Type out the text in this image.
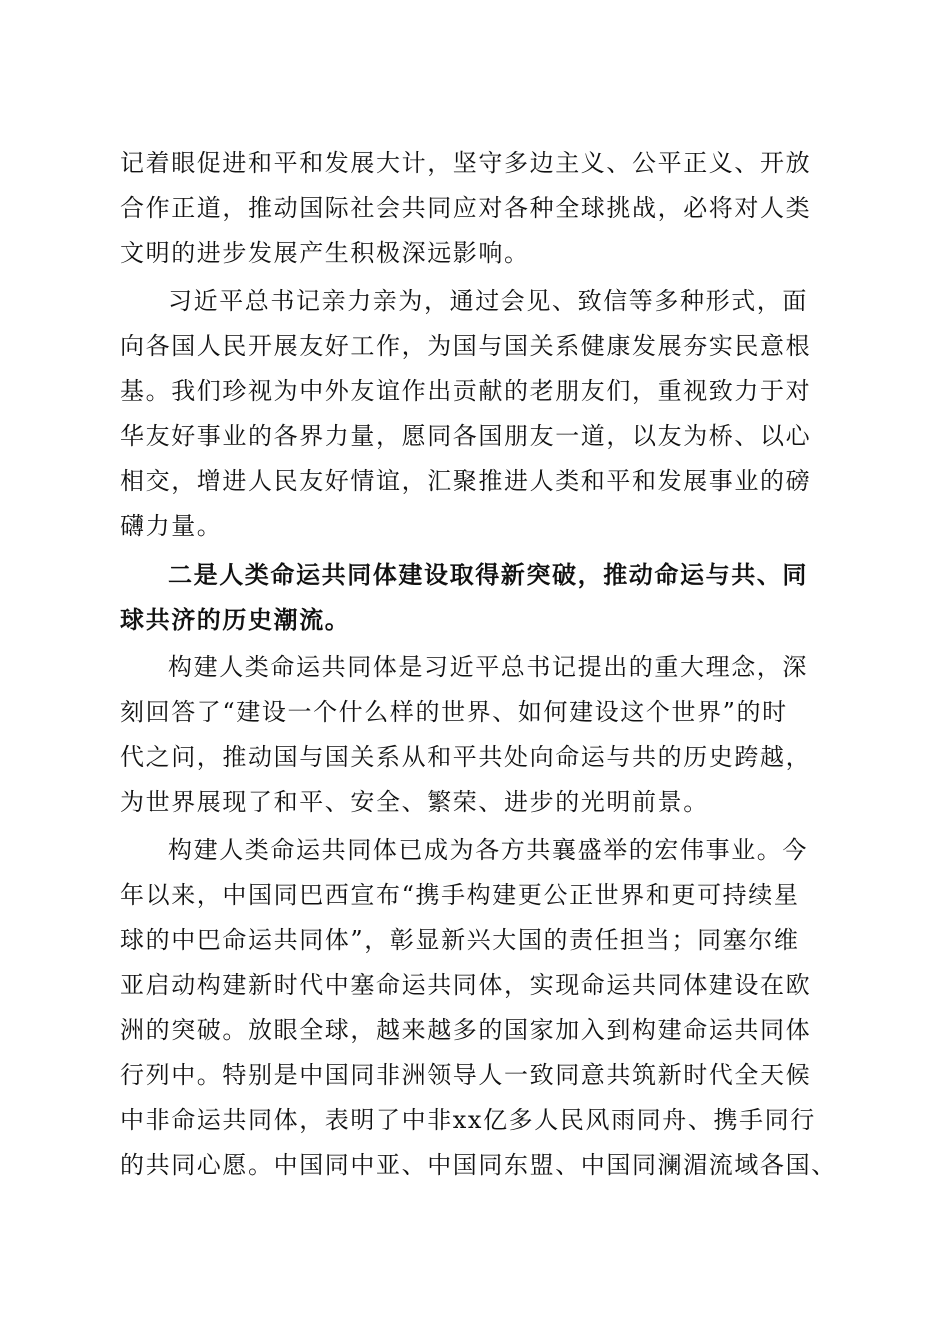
记着眼促进和平和发展大计，坚守多边主义、公平正义、开放
合作正道，推动国际社会共同应对各种全球挑战，必将对人类
文明的进步发展产生积极深远影响。
习近平总书记亲力亲为，通过会见、致信等多种形式，面
向各国人民开展友好工作，为国与国关系健康发展夯实民意根
基。我们珍视为中外友谊作出贡献的老朋友们，重视致力于对
华友好事业的各界力量，愿同各国朋友一道，以友为桥、以心
相交，增进人民友好情谊，汇聚推进人类和平和发展事业的磅
礴力量。
二是人类命运共同体建设取得新突破，推动命运与共、同
球共济的历史潮流。
构建人类命运共同体是习近平总书记提出的重大理念，深
刻回答了“建设一个什么样的世界、如何建设这个世界”的时
代之问，推动国与国关系从和平共处向命运与共的历史跨越，
为世界展现了和平、安全、繁荣、进步的光明前景。
构建人类命运共同体已成为各方共襄盛举的宏伟事业。今
年以来，中国同巴西宣布“携手构建更公正世界和更可持续星
球的中巴命运共同体”，彰显新兴大国的责任担当；同塞尔维
亚启动构建新时代中塞命运共同体，实现命运共同体建设在欧
洲的突破。放眼全球，越来越多的国家加入到构建命运共同体
行列中。特别是中国同非洲领导人一致同意共筑新时代全天候
中非命运共同体，表明了中非xx亿多人民风雨同舟、携手同行
的共同心愿。中国同中亚、中国同东盟、中国同澜湄流域各国、
